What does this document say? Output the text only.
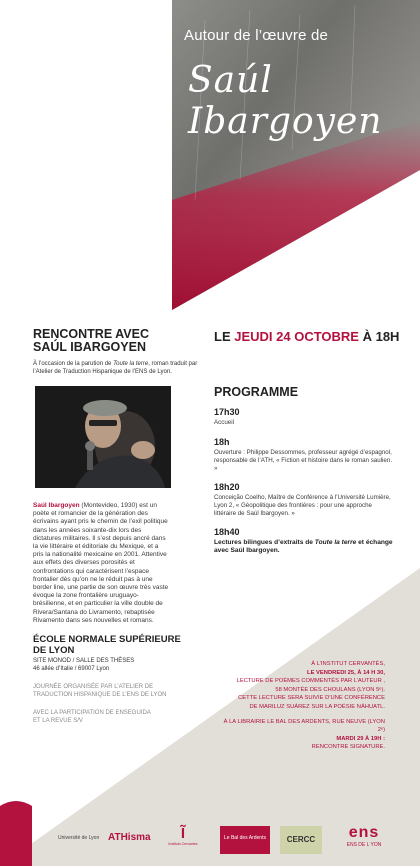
Autour de l’œuvre de
Saúl Ibargoyen
RENCONTRE AVEC
SAÚL IBARGOYEN
À l’occasion de la parution de Toute la terre, roman traduit par l’Atelier de Traduction Hispanique de l’ENS de Lyon.
Saúl Ibargoyen (Montevideo, 1930) est un poète et romancier de la génération des écrivains ayant pris le chemin de l’exil politique dans les années soixante-dix lors des dictatures militaires. Il s’est depuis ancré dans la vie littéraire et éditoriale du Mexique, et a pris la nationalité mexicaine en 2001. Attentive aux effets des diverses porosités et confrontations qui caractérisent l’espace frontalier dès qu’on ne le réduit pas à une border line, une partie de son œuvre très vaste évoque la zone frontalière uruguayo-brésilienne, et en particulier la ville double de Rivera/Santana do Livramento, rebaptisée Rivamento dans ses nouvelles et romans.
LE JEUDI 24 OCTOBRE À 18H
PROGRAMME
17h30
Accueil
18h
Ouverture : Philippe Dessommes, professeur agrégé d’espagnol, responsable de l’ATH, « Fiction et histoire dans le roman saulien. »
18h20
Conceição Coelho, Maître de Conférence à l’Université Lumière, Lyon 2, « Géopolitique des frontières : pour une approche littéraire de Saúl Ibargoyen. »
18h40
Lectures bilingues d’extraits de Toute la terre et échange avec Saúl Ibargoyen.
ÉCOLE NORMALE SUPÉRIEURE
DE LYON
SITE MONOD / SALLE DES THÈSES
46 allée d’Italie / 69007 Lyon
JOURNÉE ORGANISÉE PAR L’ATELIER DE
TRADUCTION HISPANIQUE DE L’ENS DE LYON
AVEC LA PARTICIPATION DE ENSEGUIDA
ET LA REVUE S/V
À L’INSTITUT CERVANTÈS,
LE VENDREDI 25, À 14 H 30,
LECTURE DE POÈMES COMMENTÉS PAR L’AUTEUR ,
58 MONTÉE DES CHOULANS (LYON 5ᵉ).
CETTE LECTURE SERA SUIVIE D’UNE CONFÉRENCE
DE MARILUZ SUÁREZ SUR LA POÉSIE NÁHUATL.
À LA LIBRAIRIE LE BAL DES ARDENTS, RUE NEUVE (LYON 2ᵉ)
MARDI 29 À 19H :
RENCONTRE SIGNATURE.
Université de Lyon ATHisma	Ĩ
Instituto Cervantes
Le Bal des Ardents	CERCC	ens
ENS DE L YON
